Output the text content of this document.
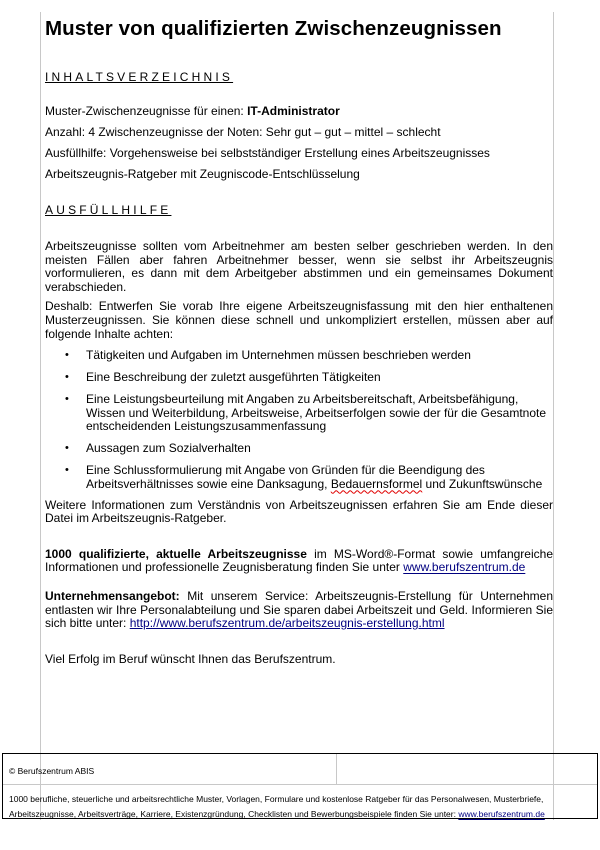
Muster von qualifizierten Zwischenzeugnissen

INHALTSVERZEICHNIS

Muster-Zwischenzeugnisse für einen: IT-Administrator

Anzahl: 4 Zwischenzeugnisse der Noten: Sehr gut – gut – mittel – schlecht

Ausfüllhilfe: Vorgehensweise bei selbstständiger Erstellung eines Arbeitszeugnisses

Arbeitszeugnis-Ratgeber mit Zeugniscode-Entschlüsselung

AUSFÜLLHILFE

Arbeitszeugnisse sollten vom Arbeitnehmer am besten selber geschrieben werden. In den meisten Fällen aber fahren Arbeitnehmer besser, wenn sie selbst ihr Arbeitszeugnis vorformulieren, es dann mit dem Arbeitgeber abstimmen und ein gemeinsames Dokument verabschieden.

Deshalb: Entwerfen Sie vorab Ihre eigene Arbeitszeugnisfassung mit den hier enthaltenen Musterzeugnissen. Sie können diese schnell und unkompliziert erstellen, müssen aber auf folgende Inhalte achten:

• Tätigkeiten und Aufgaben im Unternehmen müssen beschrieben werden
• Eine Beschreibung der zuletzt ausgeführten Tätigkeiten
• Eine Leistungsbeurteilung mit Angaben zu Arbeitsbereitschaft, Arbeitsbefähigung, Wissen und Weiterbildung, Arbeitsweise, Arbeitserfolgen sowie der für die Gesamtnote entscheidenden Leistungszusammenfassung
• Aussagen zum Sozialverhalten
• Eine Schlussformulierung mit Angabe von Gründen für die Beendigung des Arbeitsverhältnisses sowie eine Danksagung, Bedauernsformel und Zukunftswünsche

Weitere Informationen zum Verständnis von Arbeitszeugnissen erfahren Sie am Ende dieser Datei im Arbeitszeugnis-Ratgeber.

1000 qualifizierte, aktuelle Arbeitszeugnisse im MS-Word®-Format sowie umfangreiche Informationen und professionelle Zeugnisberatung finden Sie unter www.berufszentrum.de

Unternehmensangebot: Mit unserem Service: Arbeitszeugnis-Erstellung für Unternehmen entlasten wir Ihre Personalabteilung und Sie sparen dabei Arbeitszeit und Geld. Informieren Sie sich bitte unter: http://www.berufszentrum.de/arbeitszeugnis-erstellung.html

Viel Erfolg im Beruf wünscht Ihnen das Berufszentrum.

© Berufszentrum ABIS
1000 berufliche, steuerliche und arbeitsrechtliche Muster, Vorlagen, Formulare und kostenlose Ratgeber für das Personalwesen, Musterbriefe, Arbeitszeugnisse, Arbeitsverträge, Karriere, Existenzgründung, Checklisten und Bewerbungsbeispiele finden Sie unter: www.berufszentrum.de
